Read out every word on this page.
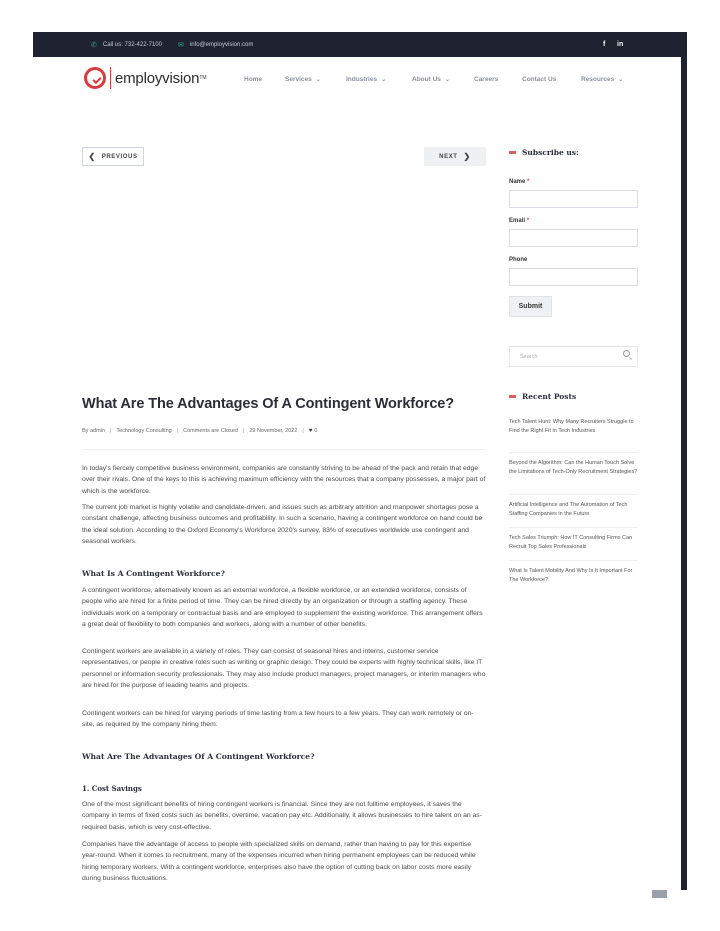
✆ Call us: 732-422-7100 ✉ info@employvision.com	f in
employvision TM	Home	Services ⌄	Industries ⌄	About Us ⌄	Careers	Contact Us	Resources ⌄
❮ PREVIOUS	NEXT ❯
What Are The Advantages Of A Contingent Workforce?
By admin | Technology Consulting | Comments are Closed | 29 November, 2022 | ♥ 0

In today's fiercely competitive business environment, companies are constantly striving to be ahead of the pack and retain that edge over their rivals. One of the keys to this is achieving maximum efficiency with the resources that a company possesses, a major part of which is the workforce.

The current job market is highly volatile and candidate-driven, and issues such as arbitrary attrition and manpower shortages pose a constant challenge, affecting business outcomes and profitability. In such a scenario, having a contingent workforce on hand could be the ideal solution. According to the Oxford Economy's Workforce 2020's survey, 83% of executives worldwide use contingent and seasonal workers.

What Is A Contingent Workforce?

A contingent workforce, alternatively known as an external workforce, a flexible workforce, or an extended workforce, consists of people who are hired for a finite period of time. They can be hired directly by an organization or through a staffing agency. These individuals work on a temporary or contractual basis and are employed to supplement the existing workforce. This arrangement offers a great deal of flexibility to both companies and workers, along with a number of other benefits.

Contingent workers are available in a variety of roles. They can consist of seasonal hires and interns, customer service representatives, or people in creative roles such as writing or graphic design. They could be experts with highly technical skills, like IT personnel or information security professionals. They may also include product managers, project managers, or interim managers who are hired for the purpose of leading teams and projects.

Contingent workers can be hired for varying periods of time lasting from a few hours to a few years. They can work remotely or on-site, as required by the company hiring them.

What Are The Advantages Of A Contingent Workforce?
1. Cost Savings

One of the most significant benefits of hiring contingent workers is financial. Since they are not fulltime employees, it saves the company in terms of fixed costs such as benefits, overtime, vacation pay etc. Additionally, it allows businesses to hire talent on an as-required basis, which is very cost-effective.

Companies have the advantage of access to people with specialized skills on demand, rather than having to pay for this expertise year-round. When it comes to recruitment, many of the expenses incurred when hiring permanent employees can be reduced while hiring temporary workers. With a contingent workforce, enterprises also have the option of cutting back on labor costs more easily during business fluctuations.

Subscribe us:
Name *
Email *
Phone
Submit
Search
Recent Posts
Tech Talent Hunt: Why Many Recruiters Struggle to Find the Right Fit In Tech Industries
Beyond the Algorithm: Can the Human Touch Solve the Limitations of Tech-Only Recruitment Strategies?
Artificial Intelligence and The Automation of Tech Staffing Companies in the Future
Tech Sales Triumph: How IT Consulting Firms Can Recruit Top Sales Professionals
What Is Talent Mobility And Why Is It Important For The Workforce?
